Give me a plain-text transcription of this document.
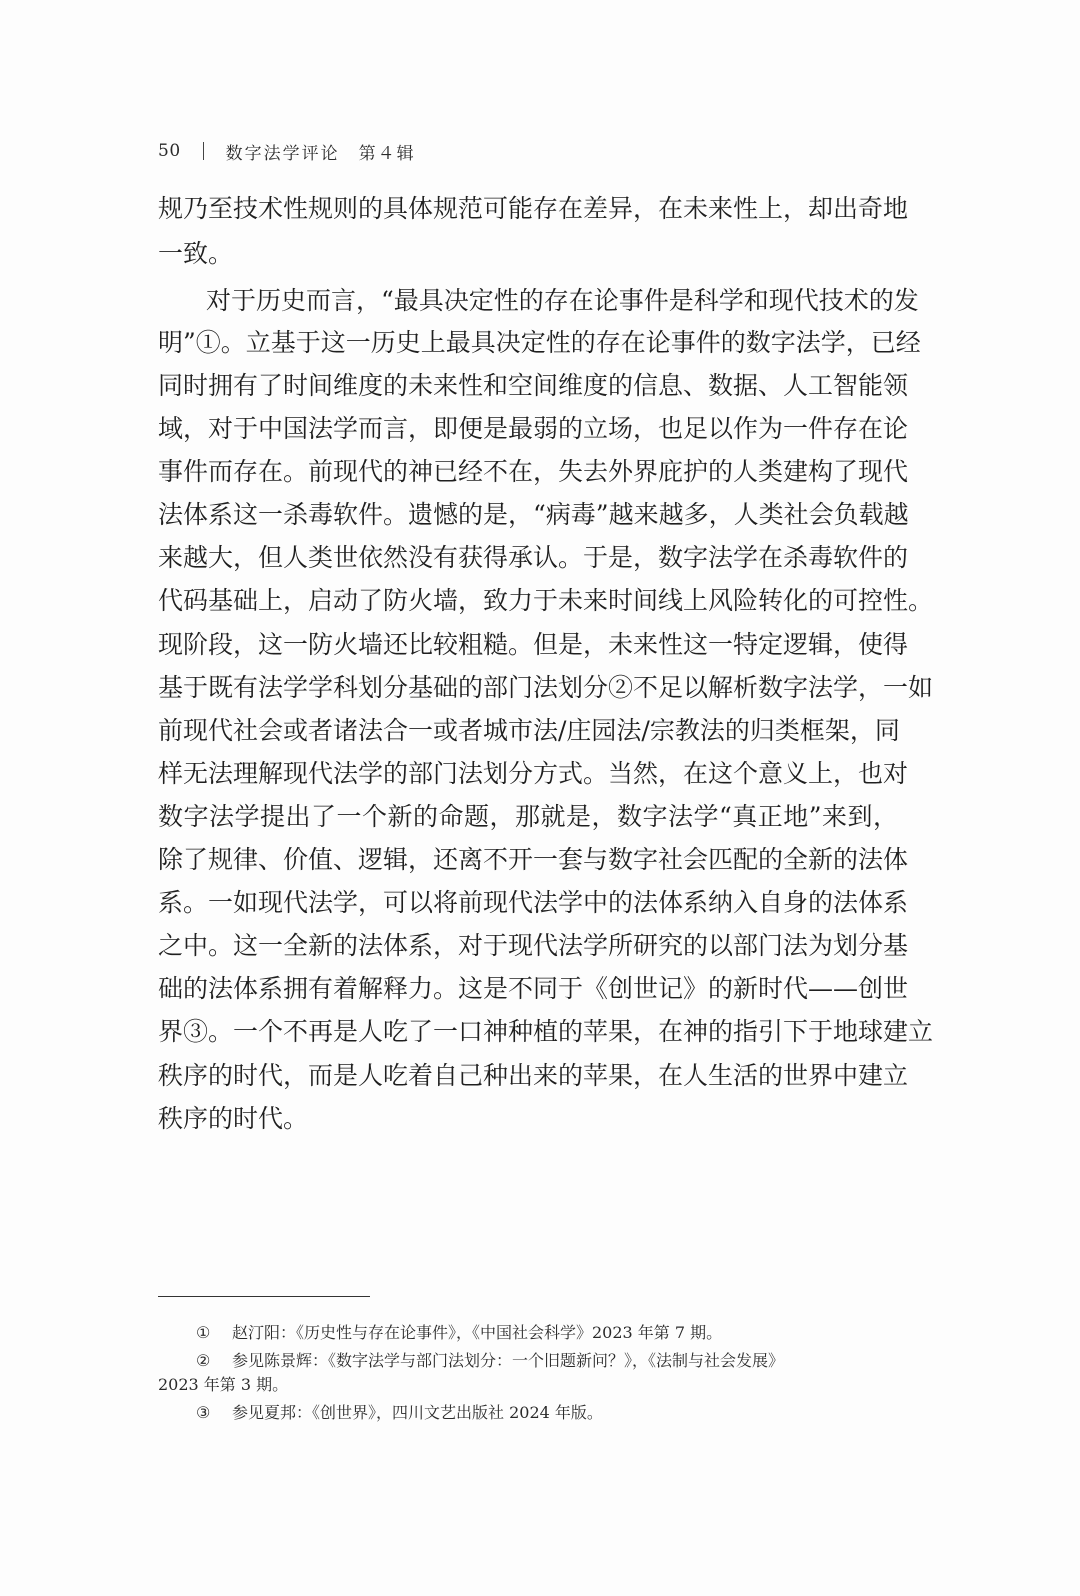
50	数字法学评论　第４辑
规乃至技术性规则的具体规范可能存在差异，在未来性上，却出奇地
一致。
对于历史而言，“最具决定性的存在论事件是科学和现代技术的发
明”①。立基于这一历史上最具决定性的存在论事件的数字法学，已经
同时拥有了时间维度的未来性和空间维度的信息、数据、人工智能领
域，对于中国法学而言，即便是最弱的立场，也足以作为一件存在论
事件而存在。前现代的神已经不在，失去外界庇护的人类建构了现代
法体系这一杀毒软件。遗憾的是，“病毒”越来越多，人类社会负载越
来越大，但人类世依然没有获得承认。于是，数字法学在杀毒软件的
代码基础上，启动了防火墙，致力于未来时间线上风险转化的可控性。
现阶段，这一防火墙还比较粗糙。但是，未来性这一特定逻辑，使得
基于既有法学学科划分基础的部门法划分②不足以解析数字法学，一如
前现代社会或者诸法合一或者城市法/庄园法/宗教法的归类框架，同
样无法理解现代法学的部门法划分方式。当然，在这个意义上，也对
数字法学提出了一个新的命题，那就是，数字法学“真正地”来到，
除了规律、价值、逻辑，还离不开一套与数字社会匹配的全新的法体
系。一如现代法学，可以将前现代法学中的法体系纳入自身的法体系
之中。这一全新的法体系，对于现代法学所研究的以部门法为划分基
础的法体系拥有着解释力。这是不同于《创世记》的新时代——创世
界③。一个不再是人吃了一口神种植的苹果，在神的指引下于地球建立
秩序的时代，而是人吃着自己种出来的苹果，在人生活的世界中建立
秩序的时代。
① 赵汀阳：《历史性与存在论事件》，《中国社会科学》2023 年第 7 期。
② 参见陈景辉：《数字法学与部门法划分：一个旧题新问？》，《法制与社会发展》
2023 年第 3 期。
③ 参见夏邦：《创世界》，四川文艺出版社 2024 年版。
